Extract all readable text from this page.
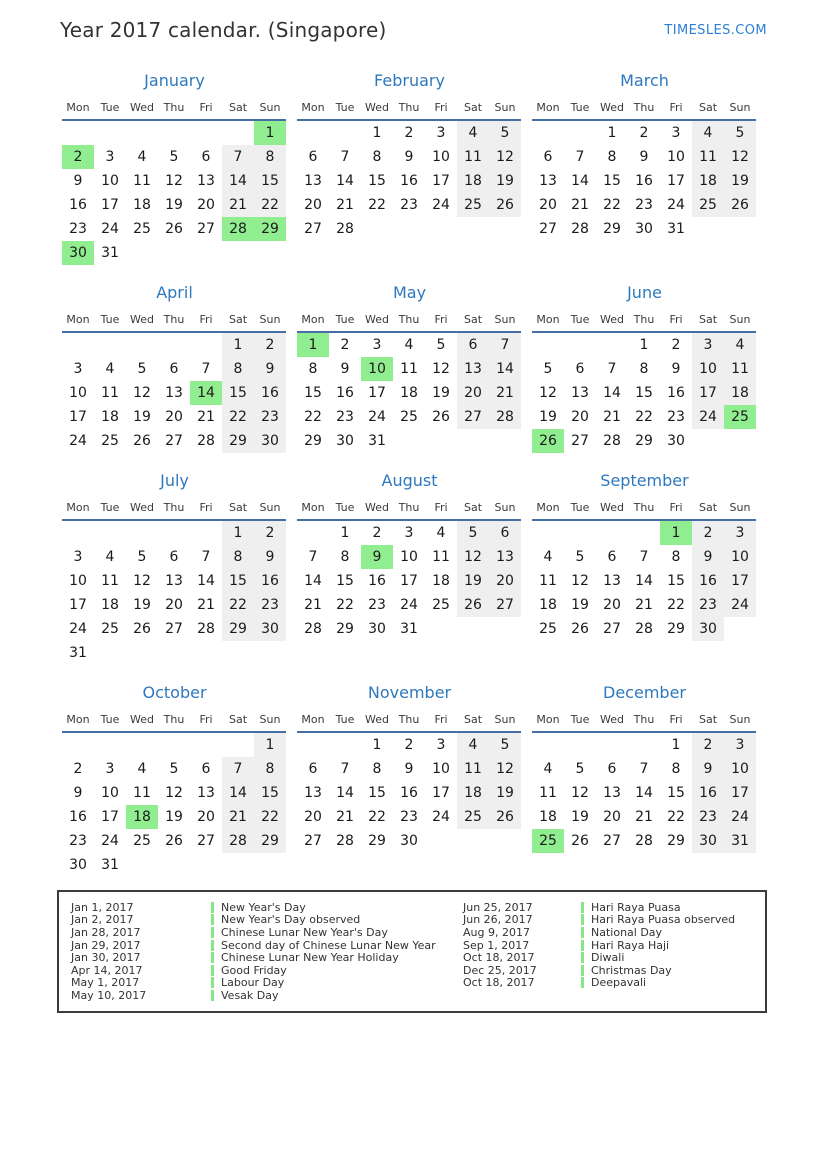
Year 2017 calendar. (Singapore)	TIMESLES.COM
January
Mon	Tue	Wed	Thu	Fri	Sat	Sun
						1
2	3	4	5	6	7	8
9	10	11	12	13	14	15
16	17	18	19	20	21	22
23	24	25	26	27	28	29
30	31					
February
Mon	Tue	Wed	Thu	Fri	Sat	Sun
		1	2	3	4	5
6	7	8	9	10	11	12
13	14	15	16	17	18	19
20	21	22	23	24	25	26
27	28					
March
Mon	Tue	Wed	Thu	Fri	Sat	Sun
		1	2	3	4	5
6	7	8	9	10	11	12
13	14	15	16	17	18	19
20	21	22	23	24	25	26
27	28	29	30	31		
April
Mon	Tue	Wed	Thu	Fri	Sat	Sun
					1	2
3	4	5	6	7	8	9
10	11	12	13	14	15	16
17	18	19	20	21	22	23
24	25	26	27	28	29	30
May
Mon	Tue	Wed	Thu	Fri	Sat	Sun
1	2	3	4	5	6	7
8	9	10	11	12	13	14
15	16	17	18	19	20	21
22	23	24	25	26	27	28
29	30	31				
June
Mon	Tue	Wed	Thu	Fri	Sat	Sun
			1	2	3	4
5	6	7	8	9	10	11
12	13	14	15	16	17	18
19	20	21	22	23	24	25
26	27	28	29	30		
July
Mon	Tue	Wed	Thu	Fri	Sat	Sun
					1	2
3	4	5	6	7	8	9
10	11	12	13	14	15	16
17	18	19	20	21	22	23
24	25	26	27	28	29	30
31						
August
Mon	Tue	Wed	Thu	Fri	Sat	Sun
	1	2	3	4	5	6
7	8	9	10	11	12	13
14	15	16	17	18	19	20
21	22	23	24	25	26	27
28	29	30	31			
September
Mon	Tue	Wed	Thu	Fri	Sat	Sun
				1	2	3
4	5	6	7	8	9	10
11	12	13	14	15	16	17
18	19	20	21	22	23	24
25	26	27	28	29	30	
October
Mon	Tue	Wed	Thu	Fri	Sat	Sun
						1
2	3	4	5	6	7	8
9	10	11	12	13	14	15
16	17	18	19	20	21	22
23	24	25	26	27	28	29
30	31					
November
Mon	Tue	Wed	Thu	Fri	Sat	Sun
		1	2	3	4	5
6	7	8	9	10	11	12
13	14	15	16	17	18	19
20	21	22	23	24	25	26
27	28	29	30			
December
Mon	Tue	Wed	Thu	Fri	Sat	Sun
				1	2	3
4	5	6	7	8	9	10
11	12	13	14	15	16	17
18	19	20	21	22	23	24
25	26	27	28	29	30	31
Jan 1, 2017	New Year's Day
Jan 2, 2017	New Year's Day observed
Jan 28, 2017	Chinese Lunar New Year's Day
Jan 29, 2017	Second day of Chinese Lunar New Year
Jan 30, 2017	Chinese Lunar New Year Holiday
Apr 14, 2017	Good Friday
May 1, 2017	Labour Day
May 10, 2017	Vesak Day
Jun 25, 2017	Hari Raya Puasa
Jun 26, 2017	Hari Raya Puasa observed
Aug 9, 2017	National Day
Sep 1, 2017	Hari Raya Haji
Oct 18, 2017	Diwali
Dec 25, 2017	Christmas Day
Oct 18, 2017	Deepavali
